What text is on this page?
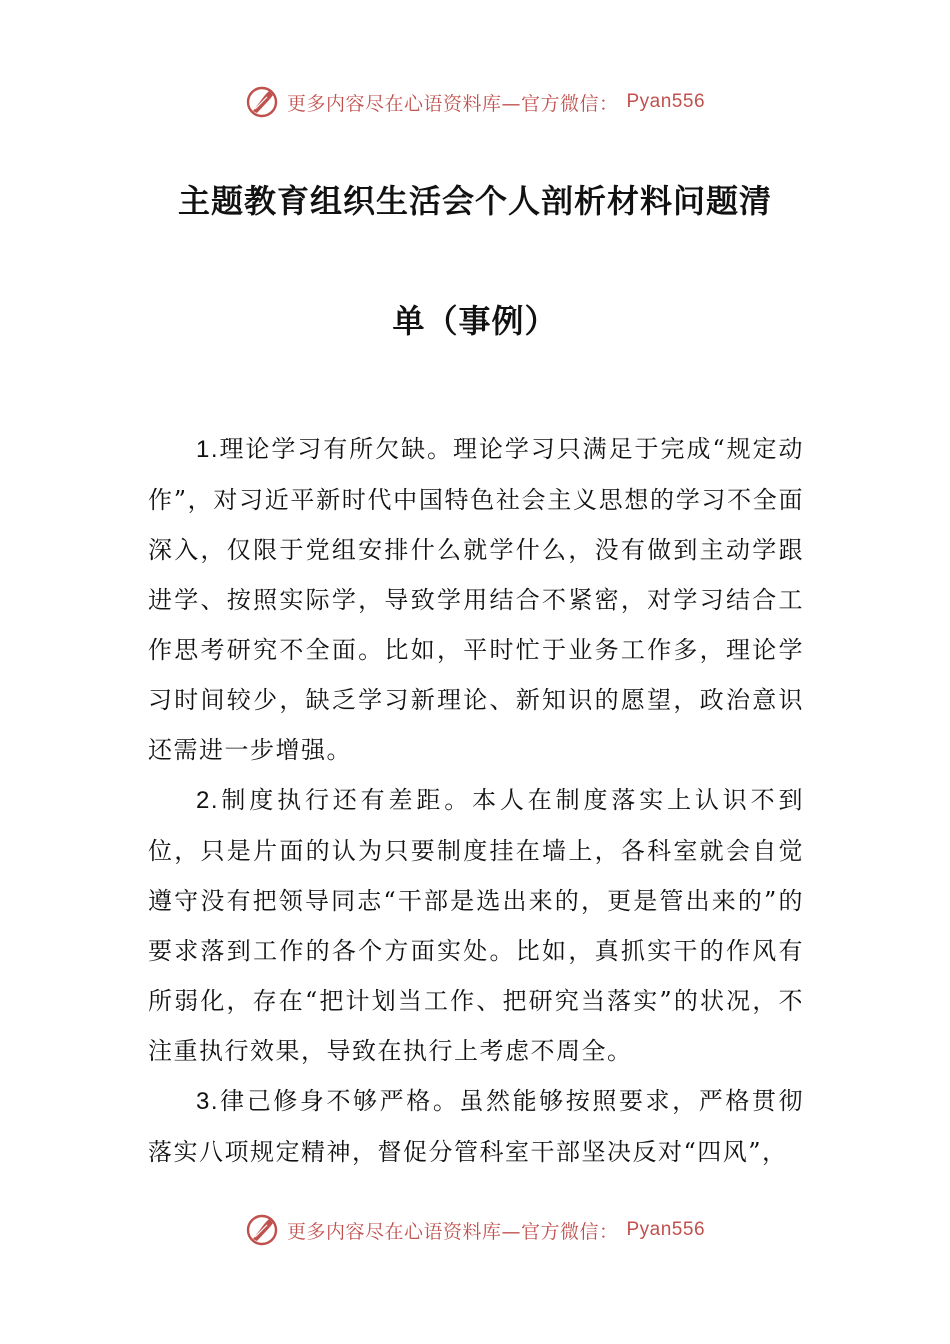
更多内容尽在心语资料库—官方微信： Pyan556
主题教育组织生活会个人剖析材料问题清
单（事例）

1.理论学习有所欠缺。理论学习只满足于完成“规定动作”，对习近平新时代中国特色社会主义思想的学习不全面深入，仅限于党组安排什么就学什么，没有做到主动学跟进学、按照实际学，导致学用结合不紧密，对学习结合工作思考研究不全面。比如，平时忙于业务工作多，理论学习时间较少，缺乏学习新理论、新知识的愿望，政治意识还需进一步增强。

2.制度执行还有差距。本人在制度落实上认识不到位，只是片面的认为只要制度挂在墙上，各科室就会自觉遵守没有把领导同志“干部是选出来的，更是管出来的”的要求落到工作的各个方面实处。比如，真抓实干的作风有所弱化，存在“把计划当工作、把研究当落实”的状况，不注重执行效果，导致在执行上考虑不周全。

3.律己修身不够严格。虽然能够按照要求，严格贯彻落实八项规定精神，督促分管科室干部坚决反对“四风”，

更多内容尽在心语资料库—官方微信： Pyan556
